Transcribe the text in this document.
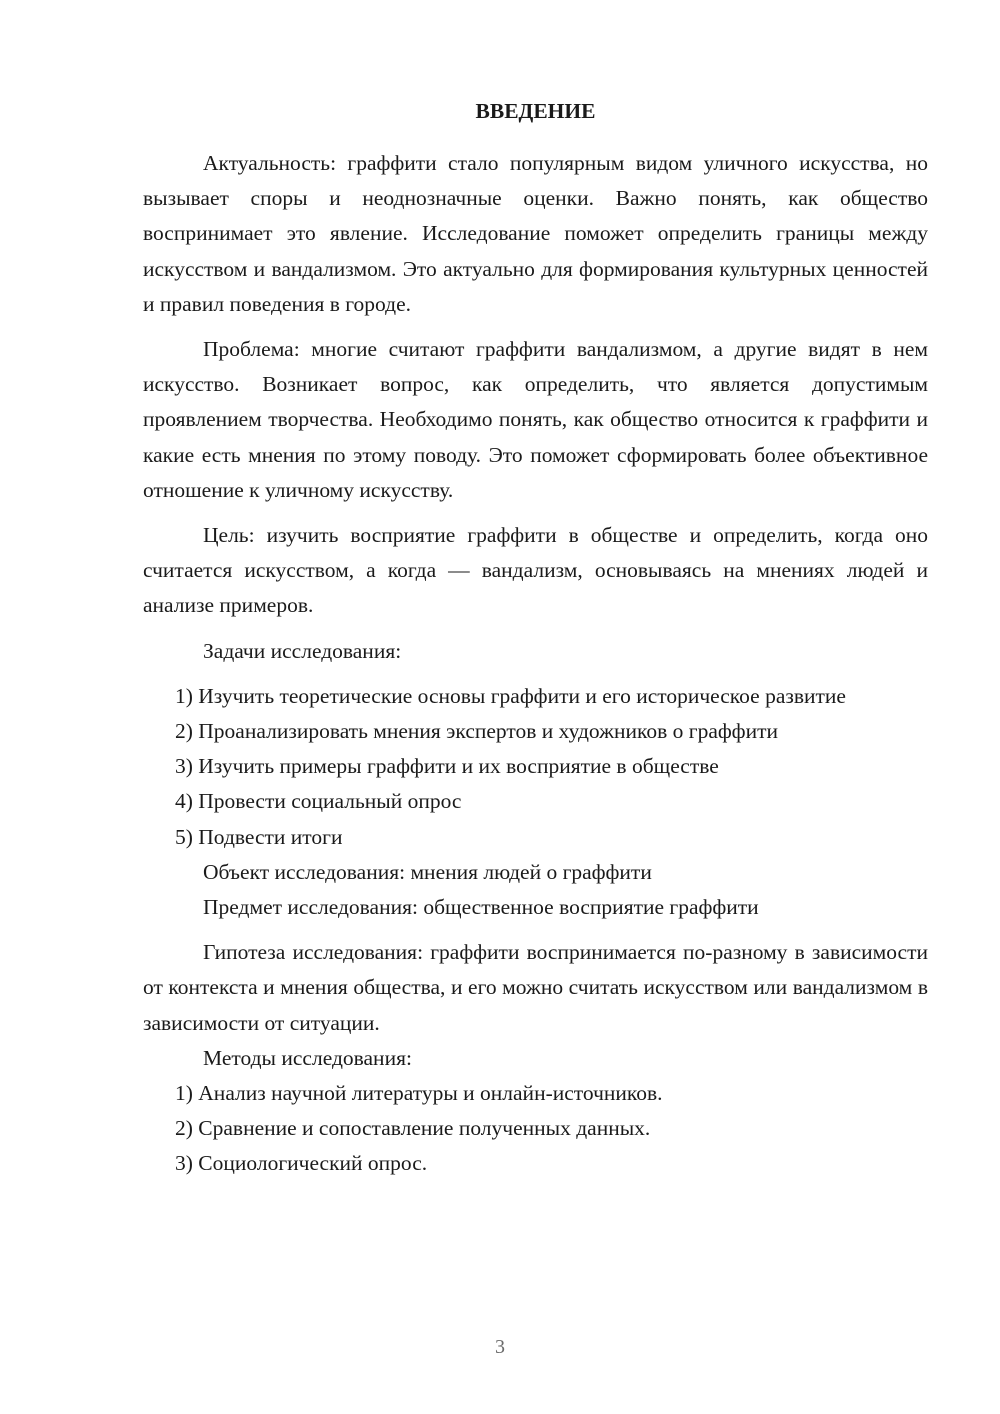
ВВЕДЕНИЕ

Актуальность: граффити стало популярным видом уличного искусства, но вызывает споры и неоднозначные оценки. Важно понять, как общество воспринимает это явление. Исследование поможет определить границы между искусством и вандализмом. Это актуально для формирования культурных ценностей и правил поведения в городе.

Проблема: многие считают граффити вандализмом, а другие видят в нем искусство. Возникает вопрос, как определить, что является допустимым проявлением творчества. Необходимо понять, как общество относится к граффити и какие есть мнения по этому поводу. Это поможет сформировать более объективное отношение к уличному искусству.

Цель: изучить восприятие граффити в обществе и определить, когда оно считается искусством, а когда — вандализм, основываясь на мнениях людей и анализе примеров.

Задачи исследования:

1) Изучить теоретические основы граффити и его историческое развитие

2) Проанализировать мнения экспертов и художников о граффити

3) Изучить примеры граффити и их восприятие в обществе

4) Провести социальный опрос

5) Подвести итоги

Объект исследования: мнения людей о граффити

Предмет исследования: общественное восприятие граффити

Гипотеза исследования: граффити воспринимается по-разному в зависимости от контекста и мнения общества, и его можно считать искусством или вандализмом в зависимости от ситуации.

Методы исследования:

1) Анализ научной литературы и онлайн-источников.

2) Сравнение и сопоставление полученных данных.

3) Социологический опрос.

3
